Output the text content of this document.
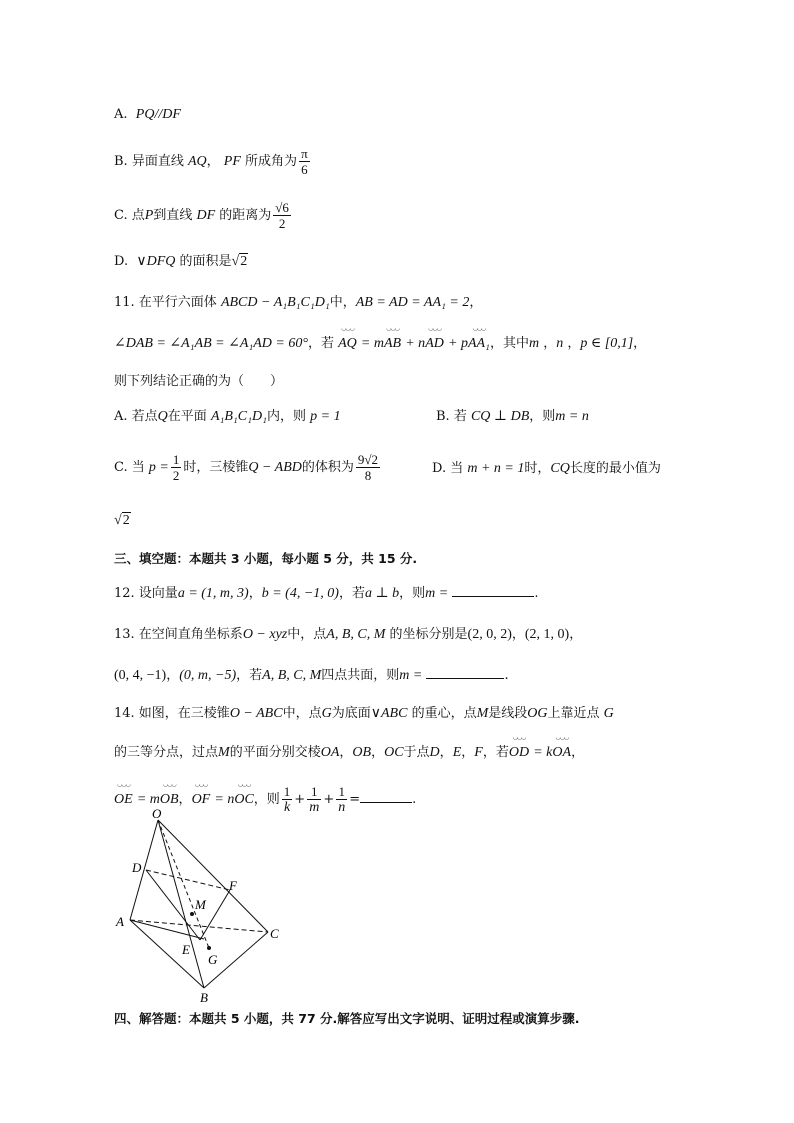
A. PQ//DF
B. 异面直线 AQ， PF 所成角为 $\frac{\pi}{6}$
C. 点P到直线 DF 的距离为 $\frac{√6}{2}$
D. ∨DFQ 的面积是√2
11. 在平行六面体 ABCD − A₁B₁C₁D₁中，AB = AD = AA₁ = 2，
∠DAB = ∠A₁AB = ∠A₁AD = 60°，若 ◡◡◡ AQ = m◡◡◡ AB + n◡◡◡ AD + p◡◡◡ AA₁，其中m ，n ，p ∈ [0,1]，
则下列结论正确的为（　　）
A. 若点Q在平面 A₁B₁C₁D₁内，则 p = 1	B. 若 CQ ⊥ DB，则m = n
C. 当 $p = \frac{1}{2}$ 时，三棱锥Q − ABD的体积为 $\frac{9√2}{8}$	D. 当 m + n = 1时，CQ长度的最小值为
√2
三、填空题：本题共 3 小题，每小题 5 分，共 15 分.
12. 设向量a = (1, m, 3)，b = (4, −1, 0)，若a ⊥ b，则m =	.
13. 在空间直角坐标系O − xyz中，点A, B, C, M 的坐标分别是(2, 0, 2)，(2, 1, 0)，
(0, 4, −1)，(0, m, −5)，若A, B, C, M四点共面，则m =	.
14. 如图，在三棱锥O − ABC中，点G为底面∨ABC 的重心，点M是线段OG上靠近点 G
的三等分点，过点M的平面分别交棱OA，OB，OC于点D，E，F，若◡◡◡ OD = k◡◡◡ OA，
◡◡◡ OE = m◡◡◡ OB，◡◡◡ OF = n◡◡◡ OC，则 $\frac{1}{k} + \frac{1}{m} + \frac{1}{n}$ =	.
O
D
F
M
A
C
E
G
B
四、解答题：本题共 5 小题，共 77 分.解答应写出文字说明、证明过程或演算步骤.
